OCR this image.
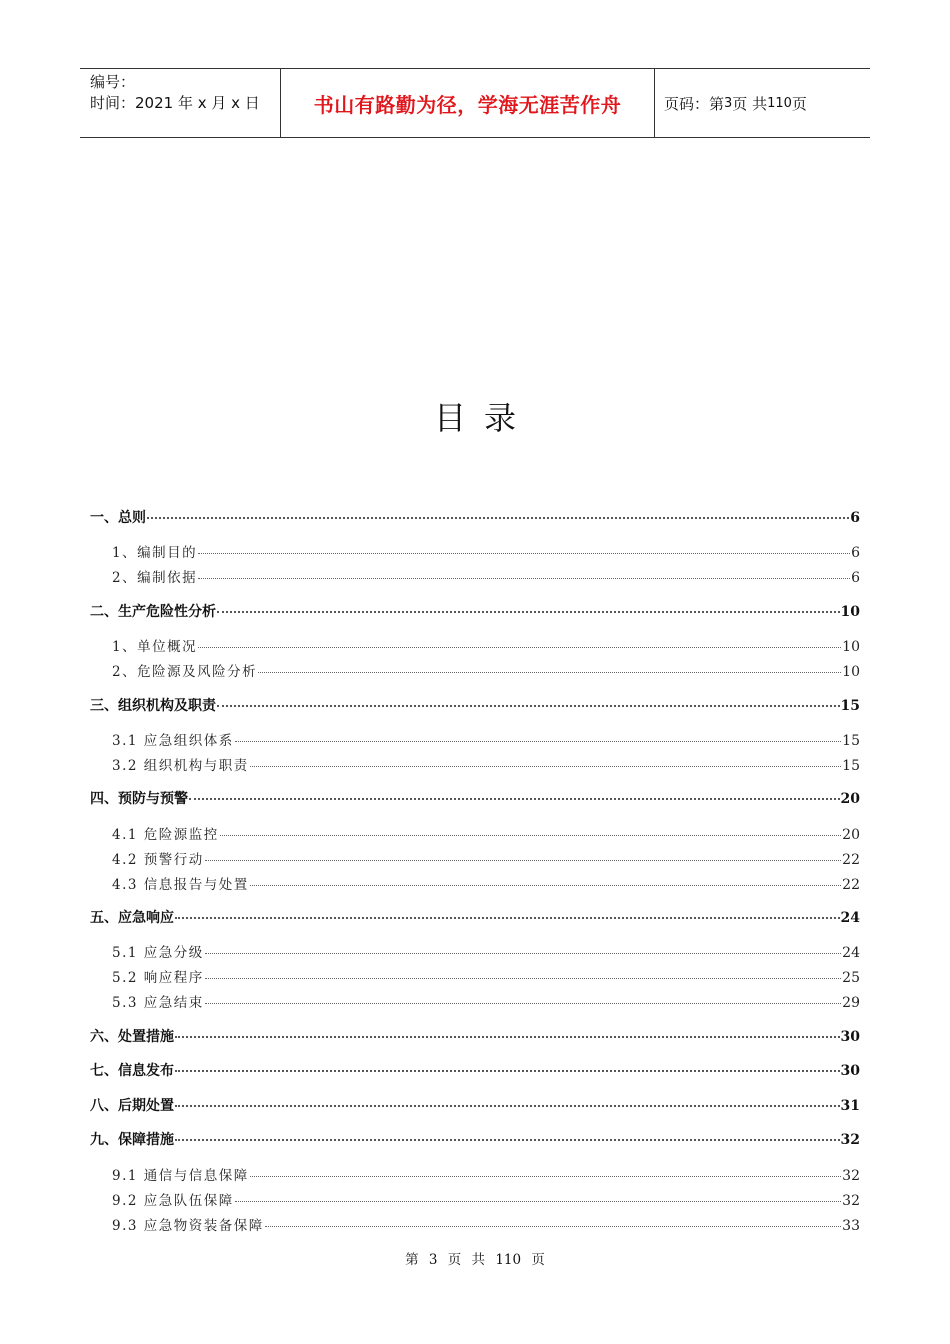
编号：
时间：2021 年 x 月 x 日	书山有路勤为径，学海无涯苦作舟	页码：第 3 页 共 110 页
目录
一、总则	6
1、编制目的	6
2、编制依据	6
二、生产危险性分析	10
1、单位概况	10
2、危险源及风险分析	10
三、组织机构及职责	15
3.1 应急组织体系	15
3.2 组织机构与职责	15
四、预防与预警	20
4.1 危险源监控	20
4.2 预警行动	22
4.3 信息报告与处置	22
五、应急响应	24
5.1 应急分级	24
5.2 响应程序	25
5.3 应急结束	29
六、处置措施	30
七、信息发布	30
八、后期处置	31
九、保障措施	32
9.1 通信与信息保障	32
9.2 应急队伍保障	32
9.3 应急物资装备保障	33
第 3 页 共 110 页
